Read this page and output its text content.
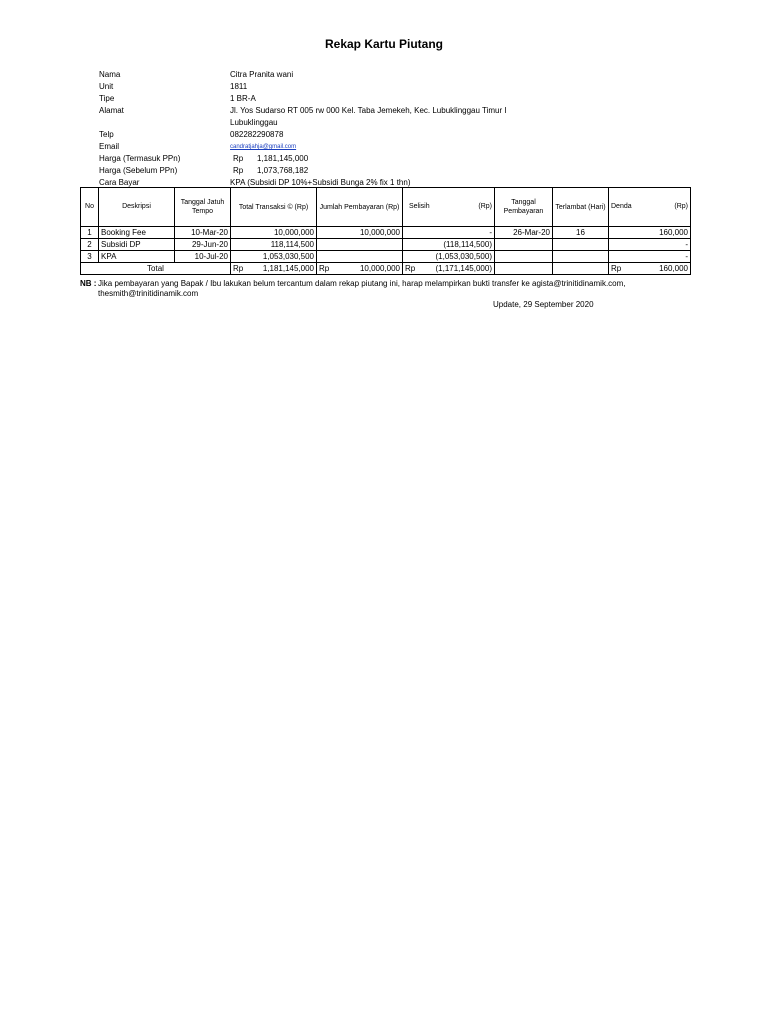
Rekap Kartu Piutang
Nama	Citra Pranita wani
Unit	1811
Tipe	1 BR-A
Alamat	Jl. Yos Sudarso RT 005 rw 000 Kel. Taba Jemekeh, Kec. Lubuklinggau Timur I
Lubuklinggau
Telp	082282290878
Email	candratjahja@gmail.com
Harga (Termasuk PPn)	Rp 1,181,145,000
Harga (Sebelum PPn)	Rp 1,073,768,182
Cara Bayar	KPA (Subsidi DP 10%+Subsidi Bunga 2% fix 1 thn)
No	Deskripsi	Tanggal Jatuh Tempo	Total Transaksi © (Rp)	Jumlah Pembayaran (Rp)	Selisih (Rp)	Tanggal Pembayaran	Terlambat (Hari)	Denda (Rp)

1	Booking Fee	10-Mar-20	10,000,000	10,000,000	-	26-Mar-20	16	160,000
2	Subsidi DP	29-Jun-20	118,114,500		(118,114,500)			-
3	KPA	10-Jul-20	1,053,030,500		(1,053,030,500)			-
Total			Rp 1,181,145,000	Rp 10,000,000	Rp (1,171,145,000)			Rp 160,000
NB : Jika pembayaran yang Bapak / Ibu lakukan belum tercantum dalam rekap piutang ini, harap melampirkan bukti transfer ke agista@trinitidinamik.com, thesmith@trinitidinamik.com
Update, 29 September 2020
